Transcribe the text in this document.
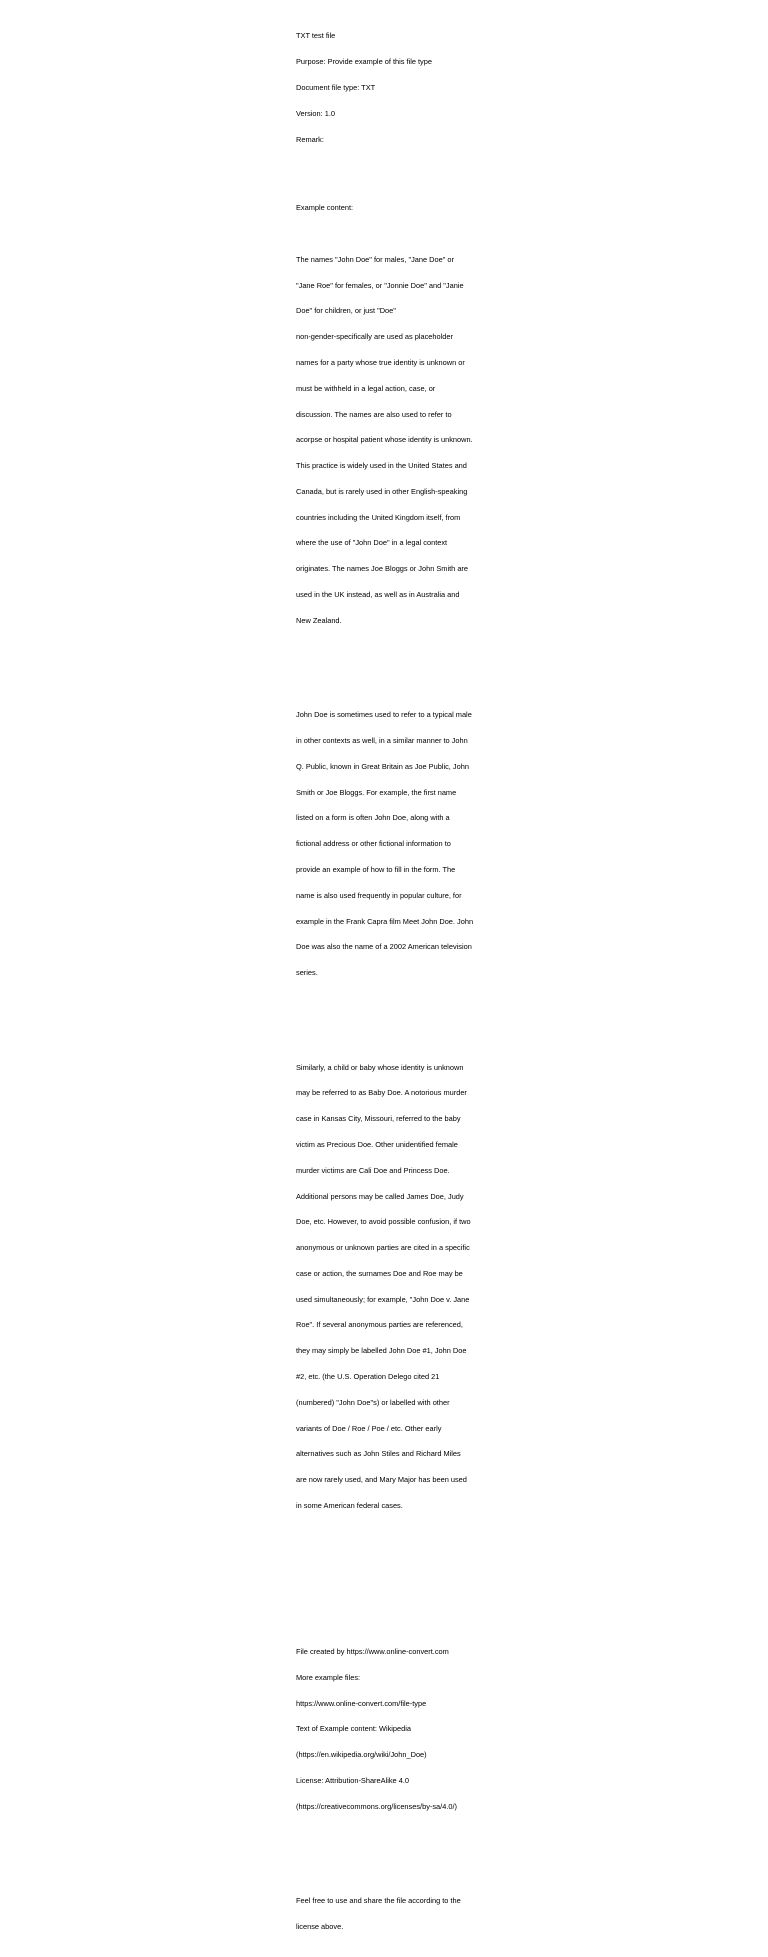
TXT test file

Purpose: Provide example of this file type

Document file type: TXT

Version: 1.0

Remark:

Example content:

The names "John Doe" for males, "Jane Doe" or

"Jane Roe" for females, or "Jonnie Doe" and "Janie

Doe" for children, or just "Doe"

non-gender-specifically are used as placeholder

names for a party whose true identity is unknown or

must be withheld in a legal action, case, or

discussion. The names are also used to refer to

acorpse or hospital patient whose identity is unknown.

This practice is widely used in the United States and

Canada, but is rarely used in other English-speaking

countries including the United Kingdom itself, from

where the use of "John Doe" in a legal context

originates. The names Joe Bloggs or John Smith are

used in the UK instead, as well as in Australia and

New Zealand.

John Doe is sometimes used to refer to a typical male

in other contexts as well, in a similar manner to John

Q. Public, known in Great Britain as Joe Public, John

Smith or Joe Bloggs. For example, the first name

listed on a form is often John Doe, along with a

fictional address or other fictional information to

provide an example of how to fill in the form. The

name is also used frequently in popular culture, for

example in the Frank Capra film Meet John Doe. John

Doe was also the name of a 2002 American television

series.

Similarly, a child or baby whose identity is unknown

may be referred to as Baby Doe. A notorious murder

case in Kansas City, Missouri, referred to the baby

victim as Precious Doe. Other unidentified female

murder victims are Cali Doe and Princess Doe.

Additional persons may be called James Doe, Judy

Doe, etc. However, to avoid possible confusion, if two

anonymous or unknown parties are cited in a specific

case or action, the surnames Doe and Roe may be

used simultaneously; for example, "John Doe v. Jane

Roe". If several anonymous parties are referenced,

they may simply be labelled John Doe #1, John Doe

#2, etc. (the U.S. Operation Delego cited 21

(numbered) "John Doe"s) or labelled with other

variants of Doe / Roe / Poe / etc. Other early

alternatives such as John Stiles and Richard Miles

are now rarely used, and Mary Major has been used

in some American federal cases.

File created by https://www.online-convert.com

More example files:

https://www.online-convert.com/file-type

Text of Example content: Wikipedia

(https://en.wikipedia.org/wiki/John_Doe)

License: Attribution-ShareAlike 4.0

(https://creativecommons.org/licenses/by-sa/4.0/)

Feel free to use and share the file according to the

license above.
